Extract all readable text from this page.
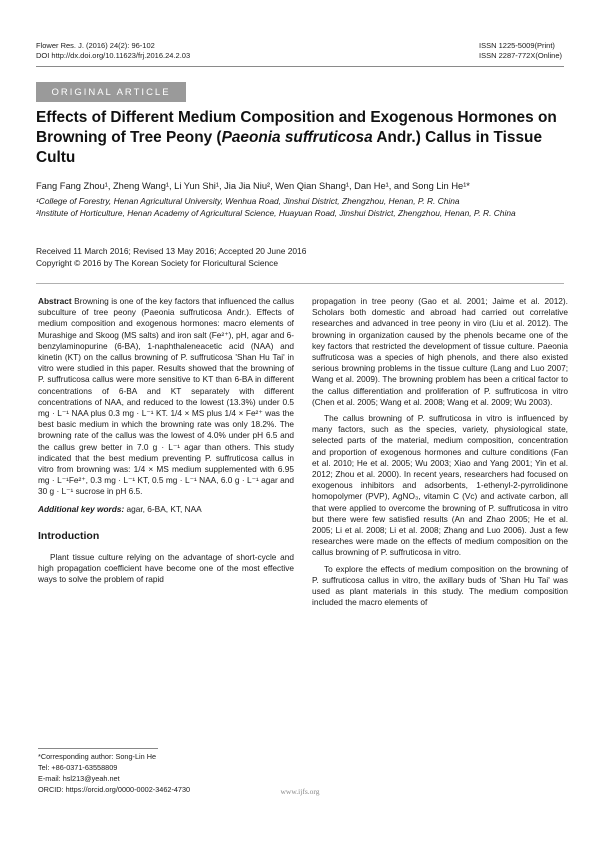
Flower Res. J. (2016) 24(2): 96-102
DOI http://dx.doi.org/10.11623/frj.2016.24.2.03
ISSN 1225-5009(Print)
ISSN 2287-772X(Online)
ORIGINAL ARTICLE
Effects of Different Medium Composition and Exogenous Hormones on Browning of Tree Peony (Paeonia suffruticosa Andr.) Callus in Tissue Cultu
Fang Fang Zhou¹, Zheng Wang¹, Li Yun Shi¹, Jia Jia Niu², Wen Qian Shang¹, Dan He¹, and Song Lin He¹*
¹College of Forestry, Henan Agricultural University, Wenhua Road, Jinshui District, Zhengzhou, Henan, P. R. China
²Institute of Horticulture, Henan Academy of Agricultural Science, Huayuan Road, Jinshui District, Zhengzhou, Henan, P. R. China
Received 11 March 2016; Revised 13 May 2016; Accepted 20 June 2016
Copyright © 2016 by The Korean Society for Floricultural Science

Abstract Browning is one of the key factors that influenced the callus subculture of tree peony (Paeonia suffruticosa Andr.). Effects of medium composition and exogenous hormones: macro elements of Murashige and Skoog (MS salts) and iron salt (Fe²⁺), pH, agar and 6-benzylaminopurine (6-BA), 1-naphthaleneacetic acid (NAA) and kinetin (KT) on the callus browning of P. suffruticosa 'Shan Hu Tai' in vitro were studied in this paper. Results showed that the browning of P. suffruticosa callus were more sensitive to KT than 6-BA in different concentrations of 6-BA and KT separately with different concentrations of NAA, and reduced to the lowest (13.3%) under 0.5 mg · L⁻¹ NAA plus 0.3 mg · L⁻¹ KT. 1/4 × MS plus 1/4 × Fe²⁺ was the best basic medium in which the browning rate was only 18.2%. The browning rate of the callus was the lowest of 4.0% under pH 6.5 and the callus grew better in 7.0 g · L⁻¹ agar than others. This study indicated that the best medium preventing P. suffruticosa callus in vitro from browning was: 1/4 × MS medium supplemented with 6.95 mg · L⁻¹Fe²⁺, 0.3 mg · L⁻¹ KT, 0.5 mg · L⁻¹ NAA, 6.0 g · L⁻¹ agar and 30 g · L⁻¹ sucrose in pH 6.5.

Additional key words: agar, 6-BA, KT, NAA

Introduction

Plant tissue culture relying on the advantage of short-cycle and high propagation coefficient have become one of the most effective ways to solve the problem of rapid

propagation in tree peony (Gao et al. 2001; Jaime et al. 2012). Scholars both domestic and abroad had carried out correlative researches and advanced in tree peony in viro (Liu et al. 2012). The browning in organization caused by the phenols became one of the key factors that restricted the development of tissue culture. Paeonia suffruticosa was a species of high phenols, and there also existed serious browning problems in the tissue culture (Lang and Luo 2007; Wang et al. 2009). The browning problem has been a critical factor to the callus differentiation and proliferation of P. suffruticosa in vitro (Chen et al. 2005; Wang et al. 2008; Wang et al. 2009; Wu 2003).

The callus browning of P. suffruticosa in vitro is influenced by many factors, such as the species, variety, physiological state, selected parts of the material, medium composition, concentration and proportion of exogenous hormones and culture conditions (Fan et al. 2010; He et al. 2005; Wu 2003; Xiao and Yang 2001; Yin et al. 2012; Zhou et al. 2000). In recent years, researchers had focused on exogenous inhibitors and adsorbents, 1-ethenyl-2-pyrrolidinone homopolymer (PVP), AgNO₃, vitamin C (Vc) and activate carbon, all that were applied to overcome the browning of P. suffruticosa in vitro but there were few satisfied results (An and Zhao 2005; He et al. 2005; Li et al. 2008; Li et al. 2008; Zhang and Luo 2006). Just a few researches were made on the effects of medium composition on the callus browning of P. suffruticosa in vitro.

To explore the effects of medium composition on the browning of P. suffruticosa callus in vitro, the axillary buds of 'Shan Hu Tai' was used as plant materials in this study. The medium composition included the macro elements of

*Corresponding author: Song-Lin He
Tel: +86-0371-63558809
E-mail: hsl213@yeah.net
ORCID: https://orcid.org/0000-0002-3462-4730	www.ijfs.org
